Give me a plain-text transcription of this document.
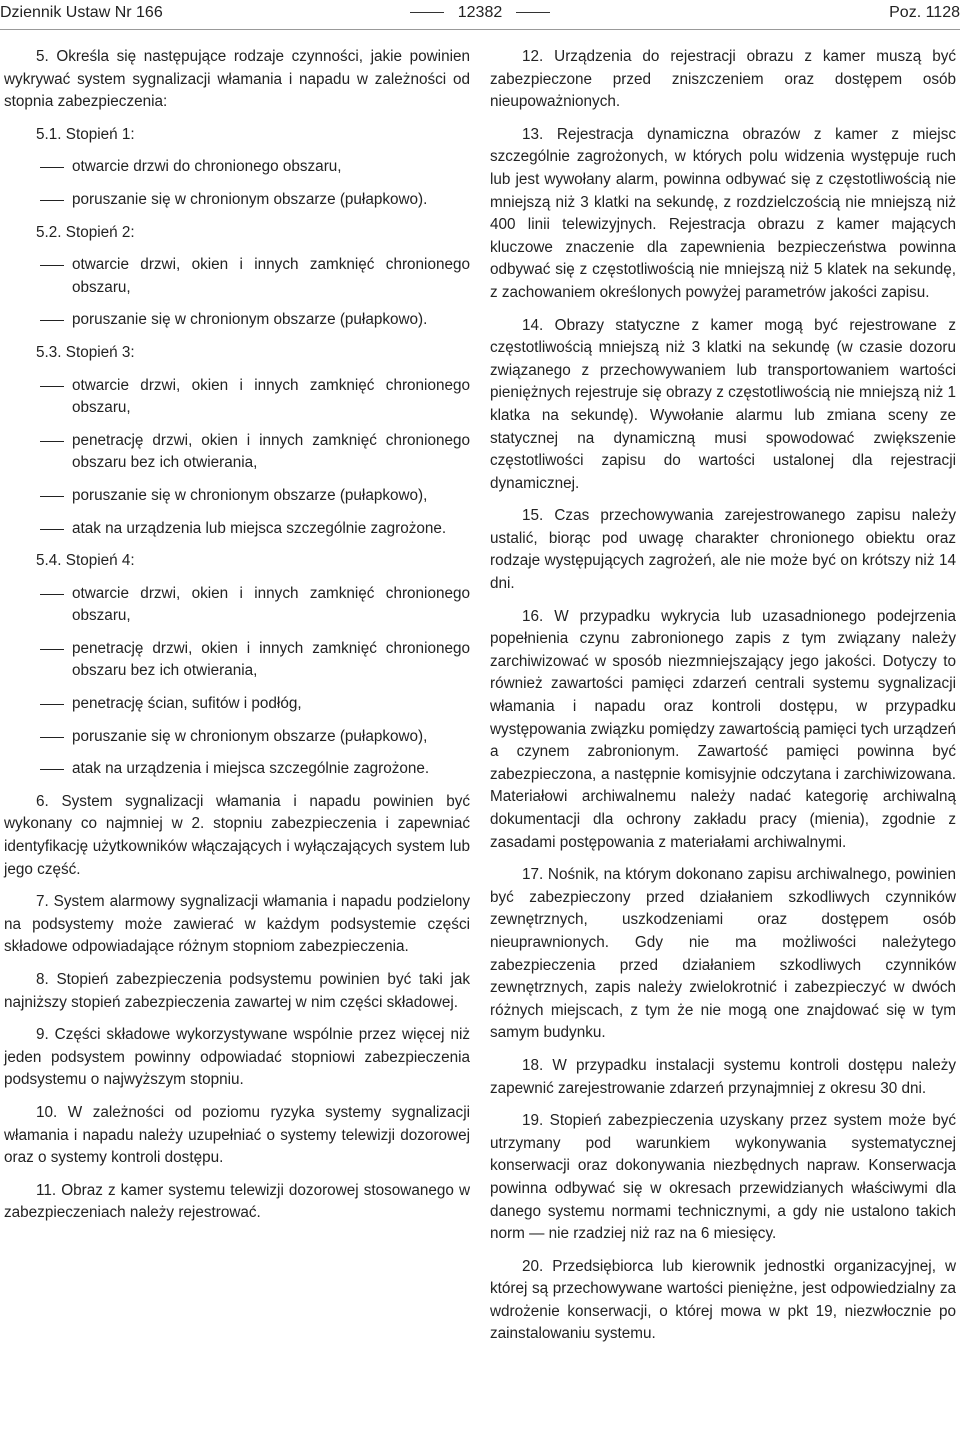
Dziennik Ustaw Nr 166	12382	Poz. 1128

5. Określa się następujące rodzaje czynności, jakie powinien wykrywać system sygnalizacji włamania i napadu w zależności od stopnia zabezpieczenia:

5.1. Stopień 1:

otwarcie drzwi do chronionego obszaru,
poruszanie się w chronionym obszarze (pułapkowo).

5.2. Stopień 2:

otwarcie drzwi, okien i innych zamknięć chronionego obszaru,
poruszanie się w chronionym obszarze (pułapkowo).

5.3. Stopień 3:

otwarcie drzwi, okien i innych zamknięć chronionego obszaru,
penetrację drzwi, okien i innych zamknięć chronionego obszaru bez ich otwierania,
poruszanie się w chronionym obszarze (pułapkowo),
atak na urządzenia lub miejsca szczególnie zagrożone.

5.4. Stopień 4:

otwarcie drzwi, okien i innych zamknięć chronionego obszaru,
penetrację drzwi, okien i innych zamknięć chronionego obszaru bez ich otwierania,
penetrację ścian, sufitów i podłóg,
poruszanie się w chronionym obszarze (pułapkowo),
atak na urządzenia i miejsca szczególnie zagrożone.

6. System sygnalizacji włamania i napadu powinien być wykonany co najmniej w 2. stopniu zabezpieczenia i zapewniać identyfikację użytkowników włączających i wyłączających system lub jego część.

7. System alarmowy sygnalizacji włamania i napadu podzielony na podsystemy może zawierać w każdym podsystemie części składowe odpowiadające różnym stopniom zabezpieczenia.

8. Stopień zabezpieczenia podsystemu powinien być taki jak najniższy stopień zabezpieczenia zawartej w nim części składowej.

9. Części składowe wykorzystywane wspólnie przez więcej niż jeden podsystem powinny odpowiadać stopniowi zabezpieczenia podsystemu o najwyższym stopniu.

10. W zależności od poziomu ryzyka systemy sygnalizacji włamania i napadu należy uzupełniać o systemy telewizji dozorowej oraz o systemy kontroli dostępu.

11. Obraz z kamer systemu telewizji dozorowej stosowanego w zabezpieczeniach należy rejestrować.

12. Urządzenia do rejestracji obrazu z kamer muszą być zabezpieczone przed zniszczeniem oraz dostępem osób nieupoważnionych.

13. Rejestracja dynamiczna obrazów z kamer z miejsc szczególnie zagrożonych, w których polu widzenia występuje ruch lub jest wywołany alarm, powinna odbywać się z częstotliwością nie mniejszą niż 3 klatki na sekundę, z rozdzielczością nie mniejszą niż 400 linii telewizyjnych. Rejestracja obrazu z kamer mających kluczowe znaczenie dla zapewnienia bezpieczeństwa powinna odbywać się z częstotliwością nie mniejszą niż 5 klatek na sekundę, z zachowaniem określonych powyżej parametrów jakości zapisu.

14. Obrazy statyczne z kamer mogą być rejestrowane z częstotliwością mniejszą niż 3 klatki na sekundę (w czasie dozoru związanego z przechowywaniem lub transportowaniem wartości pieniężnych rejestruje się obrazy z częstotliwością nie mniejszą niż 1 klatka na sekundę). Wywołanie alarmu lub zmiana sceny ze statycznej na dynamiczną musi spowodować zwiększenie częstotliwości zapisu do wartości ustalonej dla rejestracji dynamicznej.

15. Czas przechowywania zarejestrowanego zapisu należy ustalić, biorąc pod uwagę charakter chronionego obiektu oraz rodzaje występujących zagrożeń, ale nie może być on krótszy niż 14 dni.

16. W przypadku wykrycia lub uzasadnionego podejrzenia popełnienia czynu zabronionego zapis z tym związany należy zarchiwizować w sposób niezmniejszający jego jakości. Dotyczy to również zawartości pamięci zdarzeń centrali systemu sygnalizacji włamania i napadu oraz kontroli dostępu, w przypadku występowania związku pomiędzy zawartością pamięci tych urządzeń a czynem zabronionym. Zawartość pamięci powinna być zabezpieczona, a następnie komisyjnie odczytana i zarchiwizowana. Materiałowi archiwalnemu należy nadać kategorię archiwalną dokumentacji dla ochrony zakładu pracy (mienia), zgodnie z zasadami postępowania z materiałami archiwalnymi.

17. Nośnik, na którym dokonano zapisu archiwalnego, powinien być zabezpieczony przed działaniem szkodliwych czynników zewnętrznych, uszkodzeniami oraz dostępem osób nieuprawnionych. Gdy nie ma możliwości należytego zabezpieczenia przed działaniem szkodliwych czynników zewnętrznych, zapis należy zwielokrotnić i zabezpieczyć w dwóch różnych miejscach, z tym że nie mogą one znajdować się w tym samym budynku.

18. W przypadku instalacji systemu kontroli dostępu należy zapewnić zarejestrowanie zdarzeń przynajmniej z okresu 30 dni.

19. Stopień zabezpieczenia uzyskany przez system może być utrzymany pod warunkiem wykonywania systematycznej konserwacji oraz dokonywania niezbędnych napraw. Konserwacja powinna odbywać się w okresach przewidzianych właściwymi dla danego systemu normami technicznymi, a gdy nie ustalono takich norm — nie rzadziej niż raz na 6 miesięcy.

20. Przedsiębiorca lub kierownik jednostki organizacyjnej, w której są przechowywane wartości pieniężne, jest odpowiedzialny za wdrożenie konserwacji, o której mowa w pkt 19, niezwłocznie po zainstalowaniu systemu.
